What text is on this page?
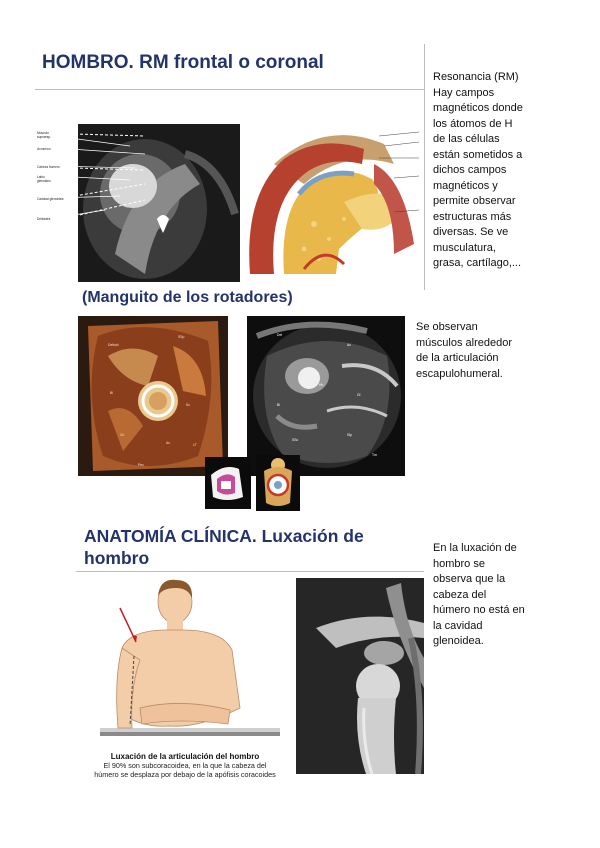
HOMBRO. RM frontal o coronal
Músculo
supraesp.
Acromion
Cabeza húmero
Labio
glenoideo
Cavidad glenoidea
Deltoides
Resonancia (RM)
Hay campos
magnéticos donde
los átomos de H
de las células
están sometidos a
dichos campos
magnéticos y
permite observar
estructuras más
diversas. Se ve
musculatura,
grasa, cartílago,...
(Manguito de los rotadores)
Deltoid
SSp
Bi
Sc
Cb
Ax	LT
Pec
Del
Ac
Bi
Hh
Gl
SSc
ISp
Tm
Se observan
músculos alrededor
de la articulación
escapulohumeral.
ANATOMÍA CLÍNICA. Luxación de
hombro	En la luxación de
hombro se
observa que la
cabeza del
húmero no está en
la cavidad
glenoidea.
Luxación de la articulación del hombro
El 90% son subcoracoidea, en la que la cabeza del
húmero se desplaza por debajo de la apófisis coracoides
